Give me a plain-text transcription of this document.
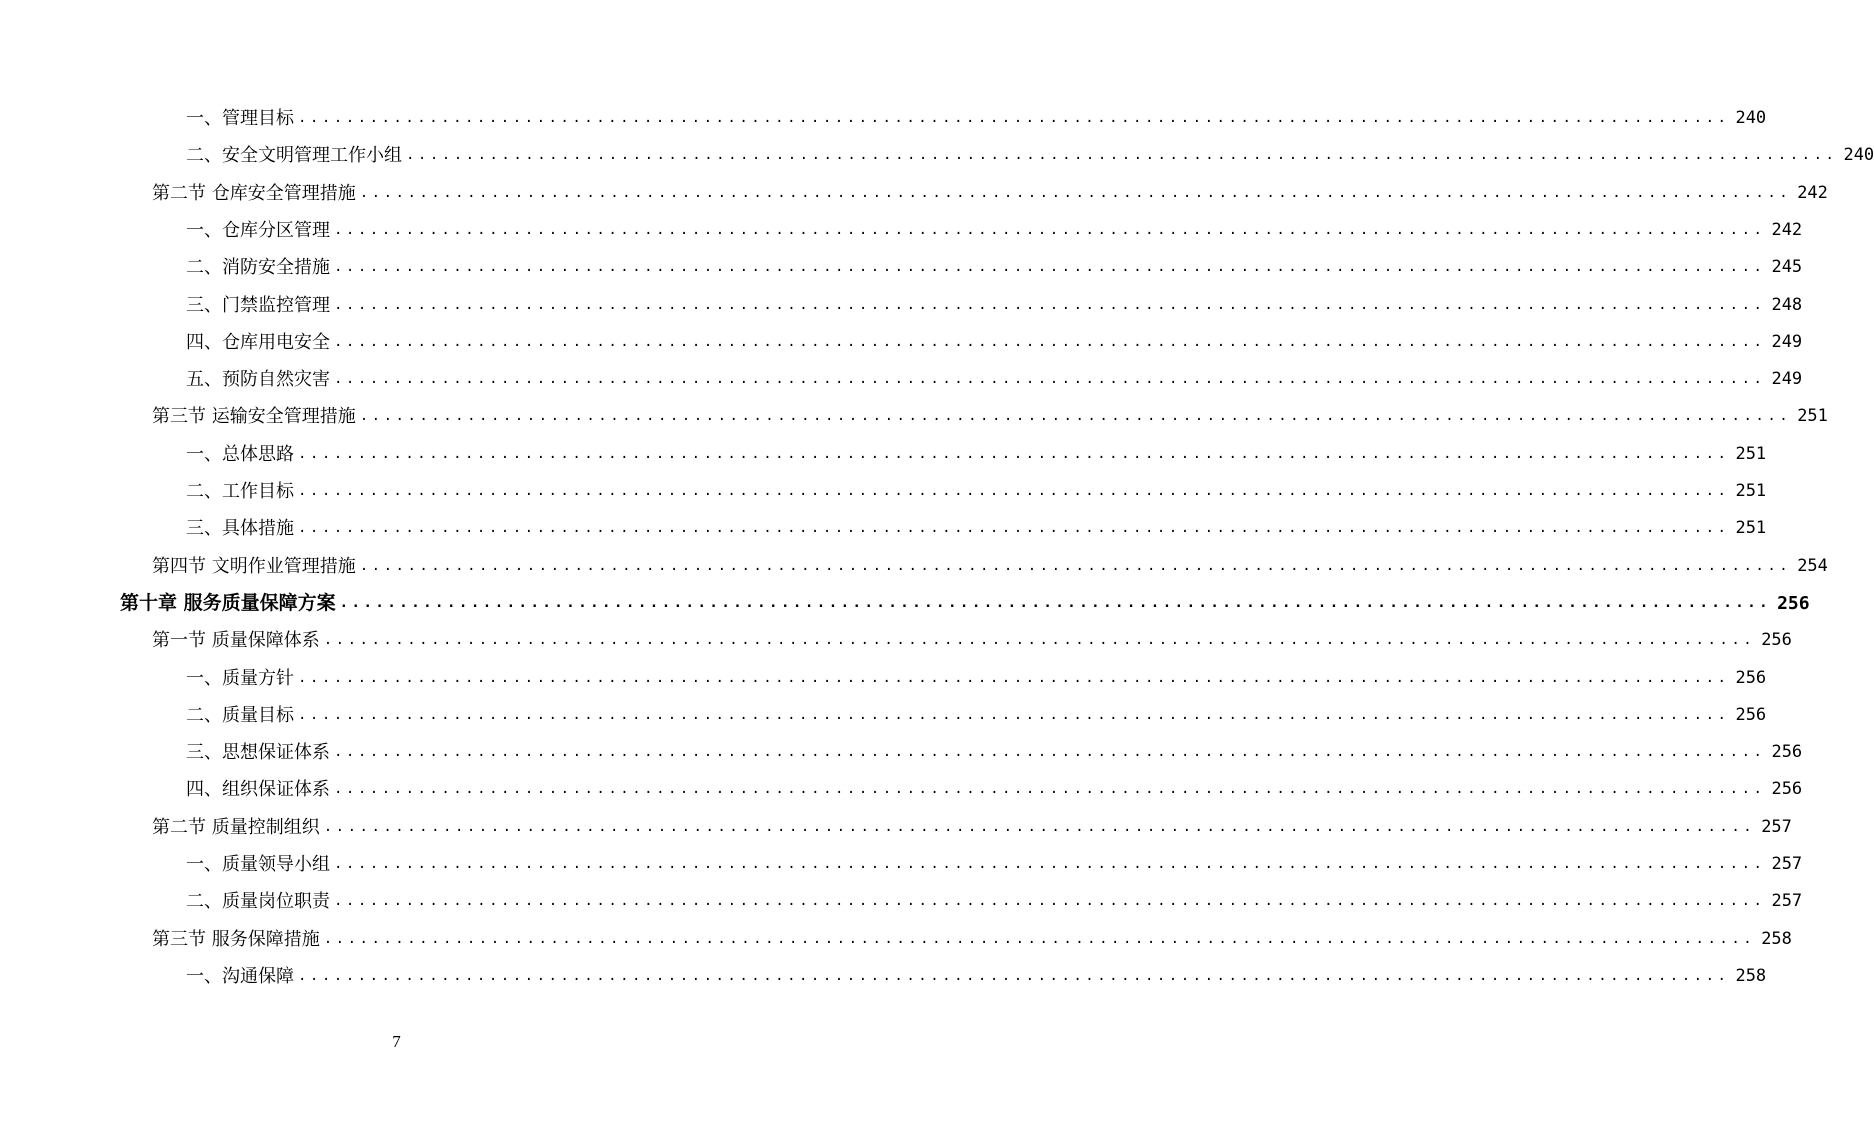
一、管理目标 ........................................................................................................................ 240
二、安全文明管理工作小组 ........................................................................................................................ 240
第二节 仓库安全管理措施 ........................................................................................................................ 242
一、仓库分区管理 ........................................................................................................................ 242
二、消防安全措施 ........................................................................................................................ 245
三、门禁监控管理 ........................................................................................................................ 248
四、仓库用电安全 ........................................................................................................................ 249
五、预防自然灾害 ........................................................................................................................ 249
第三节 运输安全管理措施 ........................................................................................................................ 251
一、总体思路 ........................................................................................................................ 251
二、工作目标 ........................................................................................................................ 251
三、具体措施 ........................................................................................................................ 251
第四节 文明作业管理措施 ........................................................................................................................ 254
第十章 服务质量保障方案 ........................................................................................................................ 256
第一节 质量保障体系 ........................................................................................................................ 256
一、质量方针 ........................................................................................................................ 256
二、质量目标 ........................................................................................................................ 256
三、思想保证体系 ........................................................................................................................ 256
四、组织保证体系 ........................................................................................................................ 256
第二节 质量控制组织 ........................................................................................................................ 257
一、质量领导小组 ........................................................................................................................ 257
二、质量岗位职责 ........................................................................................................................ 257
第三节 服务保障措施 ........................................................................................................................ 258
一、沟通保障 ........................................................................................................................ 258
7
